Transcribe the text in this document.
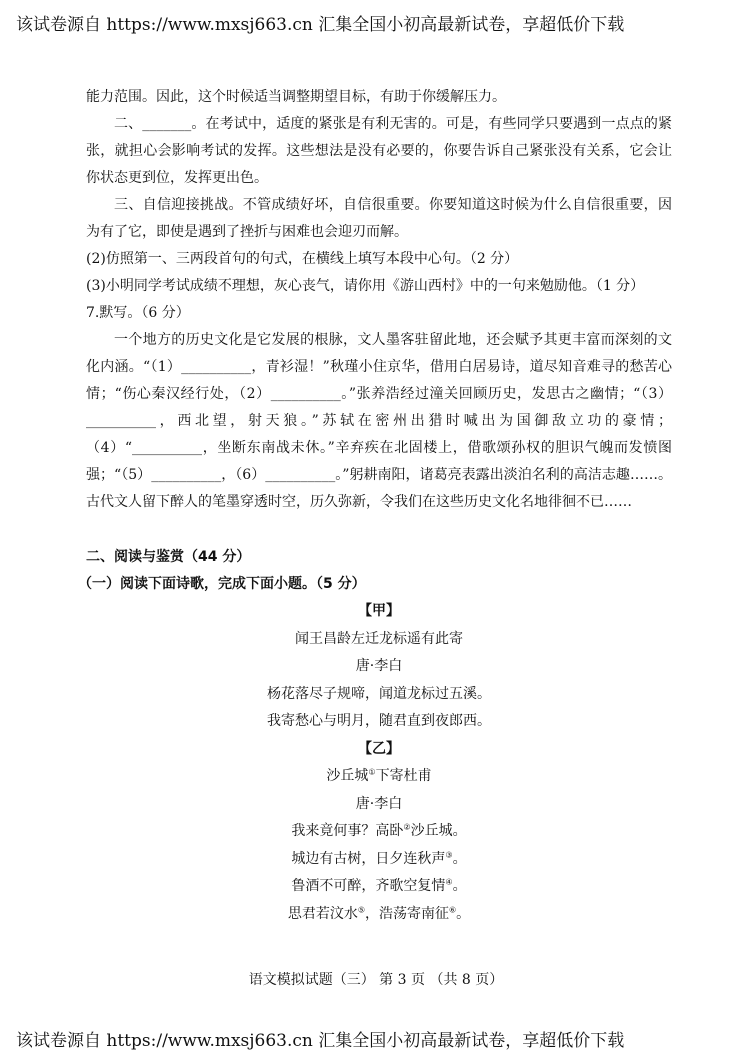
该试卷源自 https://www.mxsj663.cn 汇集全国小初高最新试卷，享超低价下载

能力范围。因此，这个时候适当调整期望目标，有助于你缓解压力。

二、_______。在考试中，适度的紧张是有利无害的。可是，有些同学只要遇到一点点的紧张，就担心会影响考试的发挥。这些想法是没有必要的，你要告诉自己紧张没有关系，它会让你状态更到位，发挥更出色。

三、自信迎接挑战。不管成绩好坏，自信很重要。你要知道这时候为什么自信很重要，因为有了它，即使是遇到了挫折与困难也会迎刃而解。

(2)仿照第一、三两段首句的句式，在横线上填写本段中心句。（2 分）

(3)小明同学考试成绩不理想，灰心丧气，请你用《游山西村》中的一句来勉励他。（1 分）

7.默写。（6 分）

一个地方的历史文化是它发展的根脉，文人墨客驻留此地，还会赋予其更丰富而深刻的文化内涵。“（1）__________，青衫湿！”秋瑾小住京华，借用白居易诗，道尽知音难寻的愁苦心情；“伤心秦汉经行处，（2）__________。”张养浩经过潼关回顾历史，发思古之幽情；“（3）__________，西北望，射天狼。”苏轼在密州出猎时喊出为国御敌立功的豪情；（4）“__________，坐断东南战未休。”辛弃疾在北固楼上，借歌颂孙权的胆识气魄而发愤图强；“（5）__________，（6）__________。”躬耕南阳，诸葛亮表露出淡泊名利的高洁志趣……。古代文人留下醉人的笔墨穿透时空，历久弥新，令我们在这些历史文化名地徘徊不已……

二、阅读与鉴赏（44 分）

（一）阅读下面诗歌，完成下面小题。（5 分）

【甲】

闻王昌龄左迁龙标遥有此寄

唐·李白

杨花落尽子规啼，闻道龙标过五溪。

我寄愁心与明月，随君直到夜郎西。

【乙】

沙丘城①下寄杜甫

唐·李白

我来竟何事？高卧②沙丘城。

城边有古树，日夕连秋声③。

鲁酒不可醉，齐歌空复情④。

思君若汶水⑤，浩荡寄南征⑥。

语文模拟试题（三） 第 3 页 （共 8 页）
该试卷源自 https://www.mxsj663.cn 汇集全国小初高最新试卷，享超低价下载
